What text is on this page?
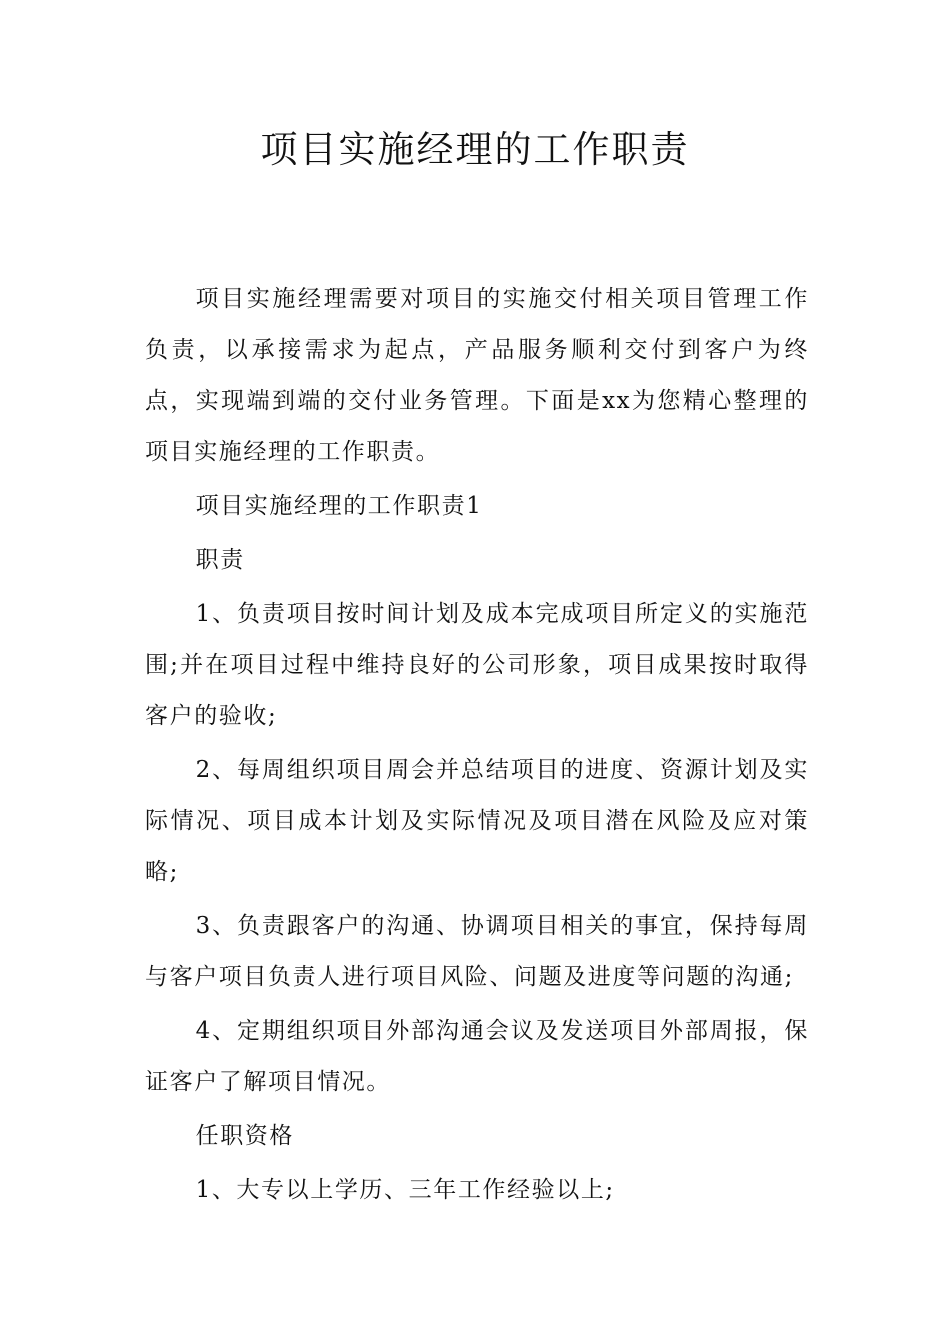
项目实施经理的工作职责

项目实施经理需要对项目的实施交付相关项目管理工作负责，以承接需求为起点，产品服务顺利交付到客户为终点，实现端到端的交付业务管理。下面是xx为您精心整理的项目实施经理的工作职责。

项目实施经理的工作职责1

职责

1、负责项目按时间计划及成本完成项目所定义的实施范围;并在项目过程中维持良好的公司形象，项目成果按时取得客户的验收;

2、每周组织项目周会并总结项目的进度、资源计划及实际情况、项目成本计划及实际情况及项目潜在风险及应对策略;

3、负责跟客户的沟通、协调项目相关的事宜，保持每周与客户项目负责人进行项目风险、问题及进度等问题的沟通;

4、定期组织项目外部沟通会议及发送项目外部周报，保证客户了解项目情况。

任职资格

1、大专以上学历、三年工作经验以上;
